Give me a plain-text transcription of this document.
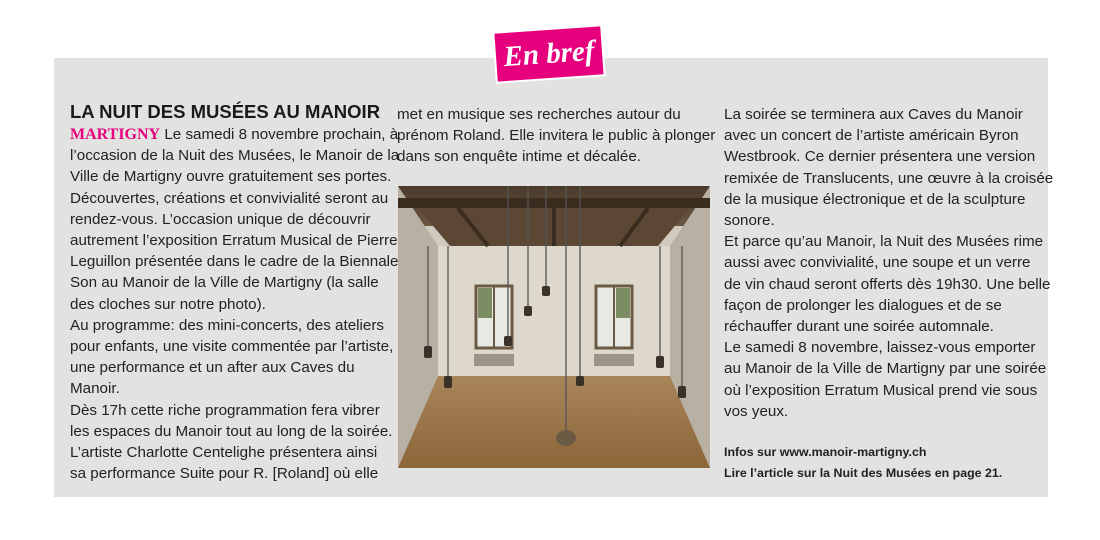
En bref

LA NUIT DES MUSÉES AU MANOIR

MARTIGNY Le samedi 8 novembre prochain, à

l’occasion de la Nuit des Musées, le Manoir de la

Ville de Martigny ouvre gratuitement ses portes.

Découvertes, créations et convivialité seront au

rendez-vous. L’occasion unique de découvrir

autrement l’exposition Erratum Musical de Pierre

Leguillon présentée dans le cadre de la Biennale

Son au Manoir de la Ville de Martigny (la salle

des cloches sur notre photo).

Au programme: des mini-concerts, des ateliers

pour enfants, une visite commentée par l’artiste,

une performance et un after aux Caves du

Manoir.

Dès 17h cette riche programmation fera vibrer

les espaces du Manoir tout au long de la soirée.

L’artiste Charlotte Centelighe présentera ainsi

sa performance Suite pour R. [Roland] où elle

met en musique ses recherches autour du

prénom Roland. Elle invitera le public à plonger

dans son enquête intime et décalée.

La soirée se terminera aux Caves du Manoir

avec un concert de l’artiste américain Byron

Westbrook. Ce dernier présentera une version

remixée de Translucents, une œuvre à la croisée

de la musique électronique et de la sculpture

sonore.

Et parce qu’au Manoir, la Nuit des Musées rime

aussi avec convivialité, une soupe et un verre

de vin chaud seront offerts dès 19h30. Une belle

façon de prolonger les dialogues et de se

réchauffer durant une soirée automnale.

Le samedi 8 novembre, laissez-vous emporter

au Manoir de la Ville de Martigny par une soirée

où l’exposition Erratum Musical prend vie sous

vos yeux.

Infos sur www.manoir-martigny.ch

Lire l’article sur la Nuit des Musées en page 21.
